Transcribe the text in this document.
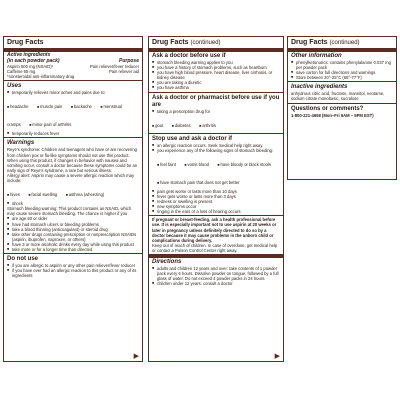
Drug Facts
Active ingredients
(in each powder pack)	Purpose
Aspirin 500 mg (NSAID)*	Pain reliever/fever reducer
Caffeine 65 mg	Pain reliever aid
*nonsteroidal anti-inflammatory drug
Uses
■ temporarily relieves minor aches and pains due to:
■ headache	■ muscle pain	■ backache	■ menstrual cramps	■ minor pain of arthritis
■ temporarily reduces fever
Warnings
Reye's syndrome: Children and teenagers who have or are recovering from chicken pox or flu-like symptoms should not use this product. When using this product, if changes in behavior with nausea and vomiting occur, consult a doctor because these symptoms could be an early sign of Reye's syndrome, a rare but serious illness.
Allergy alert: Aspirin may cause a severe allergic reaction which may include:
■ hives	■ facial swelling	■ asthma (wheezing)
■ shock
Stomach bleeding warning: This product contains an NSAID, which may cause severe stomach bleeding. The chance is higher if you
■ are age 60 or older
■ have had stomach ulcers or bleeding problems
■ take a blood thinning (anticoagulant) or steroid drug
■ take other drugs containing prescription or nonprescription NSAIDs (aspirin, ibuprofen, naproxen, or others)
■ have 3 or more alcoholic drinks every day while using this product
■ take more or for a longer time than directed
Do not use
■ if you are allergic to aspirin or any other pain reliever/fever reducer
■ if you have ever had an allergic reaction to this product or any of its ingredients
▶
Drug Facts (continued)
Ask a doctor before use if
■ stomach bleeding warning applies to you
■ you have a history of stomach problems, such as heartburn
■ you have high blood pressure, heart disease, liver cirrhosis, or kidney disease
■ you are taking a diuretic
■ you have asthma
Ask a doctor or pharmacist before use if you are
■ taking a prescription drug for
■ gout	■ diabetes	■ arthritis
Stop use and ask a doctor if
■ an allergic reaction occurs. Seek medical help right away.
■ you experience any of the following signs of stomach bleeding:
■ feel faint	■ vomit blood	■ have bloody or black stools ■ have stomach pain that does not get better
■ pain gets worse or lasts more than 10 days
■ fever gets worse or lasts more than 3 days
■ redness or swelling is present
■ new symptoms occur
■ ringing in the ears or a loss of hearing occurs
If pregnant or breast-feeding, ask a health professional before use. It is especially important not to use aspirin at 20 weeks or later in pregnancy unless definitely directed to do so by a doctor because it may cause problems in the unborn child or complications during delivery.
Keep out of reach of children. In case of overdose, get medical help or contact a Poison Control Center right away.
Directions
■ adults and children 12 years and over: take contents of 1 powder pack every 6 hours. Dissolve powder on tongue, followed by a full glass of water. Do not exceed 4 powder packs in 24 hours.
■ children under 12 years: consult a doctor
▶
Drug Facts (continued)
Other information
■ phenylketonurics: contains phenylalanine 0.037 mg per powder pack
■ save carton for full directions and warnings
■ Store between 20°-25°C (68°-77°F)
Inactive ingredients
anhydrous citric acid, fructose, mannitol, neotame, sodium citrate monobasic, sucralose
Questions or comments?
1-800-221-4658 (Mon–Fri 9AM – 5PM EST)
